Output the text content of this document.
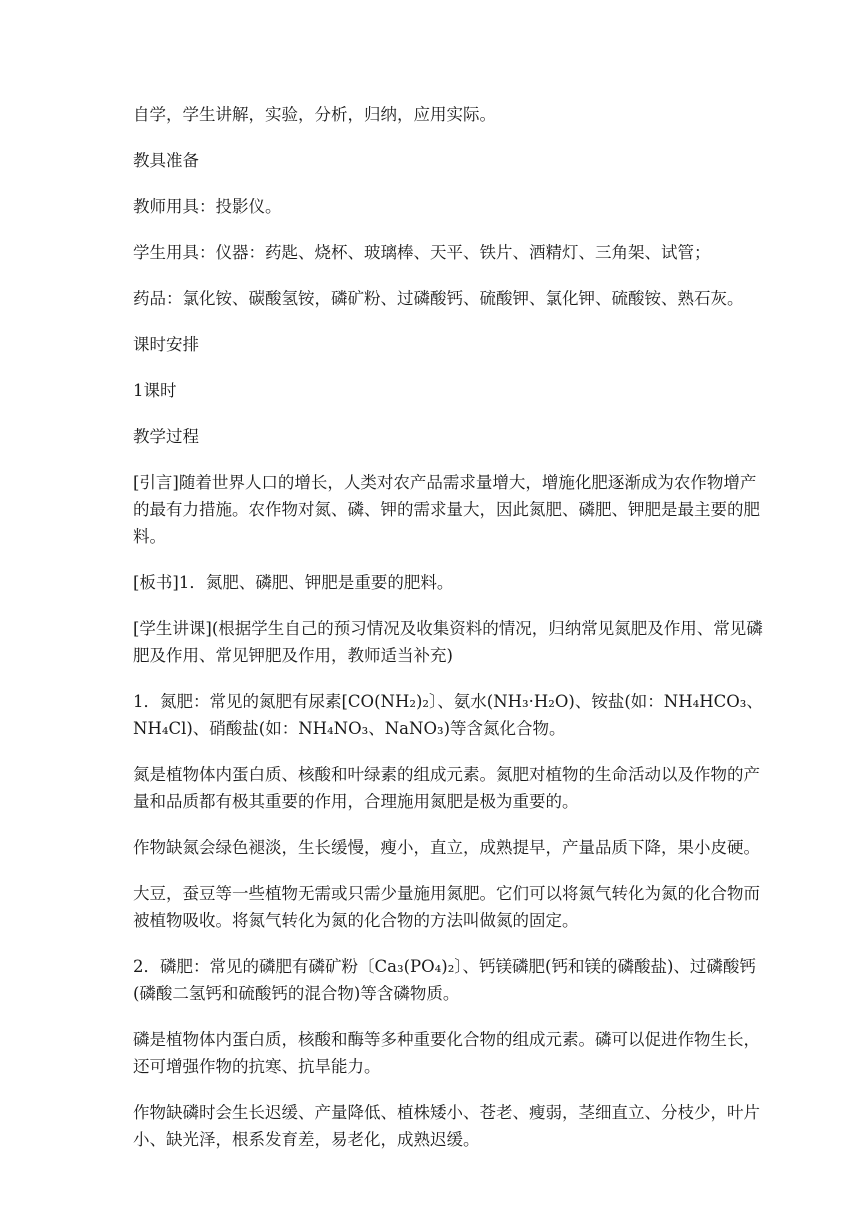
自学，学生讲解，实验，分析，归纳，应用实际。

教具准备

教师用具：投影仪。

学生用具：仪器：药匙、烧杯、玻璃棒、天平、铁片、酒精灯、三角架、试管；

药品：氯化铵、碳酸氢铵，磷矿粉、过磷酸钙、硫酸钾、氯化钾、硫酸铵、熟石灰。

课时安排

1课时

教学过程

[引言]随着世界人口的增长，人类对农产品需求量增大，增施化肥逐渐成为农作物增产的最有力措施。农作物对氮、磷、钾的需求量大，因此氮肥、磷肥、钾肥是最主要的肥料。

[板书]1．氮肥、磷肥、钾肥是重要的肥料。

[学生讲课](根据学生自己的预习情况及收集资料的情况，归纳常见氮肥及作用、常见磷肥及作用、常见钾肥及作用，教师适当补充)

1．氮肥：常见的氮肥有尿素[CO(NH₂)₂〕、氨水(NH₃·H₂O)、铵盐(如：NH₄HCO₃、NH₄Cl)、硝酸盐(如：NH₄NO₃、NaNO₃)等含氮化合物。

氮是植物体内蛋白质、核酸和叶绿素的组成元素。氮肥对植物的生命活动以及作物的产量和品质都有极其重要的作用，合理施用氮肥是极为重要的。

作物缺氮会绿色褪淡，生长缓慢，瘦小，直立，成熟提早，产量品质下降，果小皮硬。

大豆，蚕豆等一些植物无需或只需少量施用氮肥。它们可以将氮气转化为氮的化合物而被植物吸收。将氮气转化为氮的化合物的方法叫做氮的固定。

2．磷肥：常见的磷肥有磷矿粉〔Ca₃(PO₄)₂〕、钙镁磷肥(钙和镁的磷酸盐)、过磷酸钙(磷酸二氢钙和硫酸钙的混合物)等含磷物质。

磷是植物体内蛋白质，核酸和酶等多种重要化合物的组成元素。磷可以促进作物生长，还可增强作物的抗寒、抗旱能力。

作物缺磷时会生长迟缓、产量降低、植株矮小、苍老、瘦弱，茎细直立、分枝少，叶片小、缺光泽，根系发育差，易老化，成熟迟缓。
